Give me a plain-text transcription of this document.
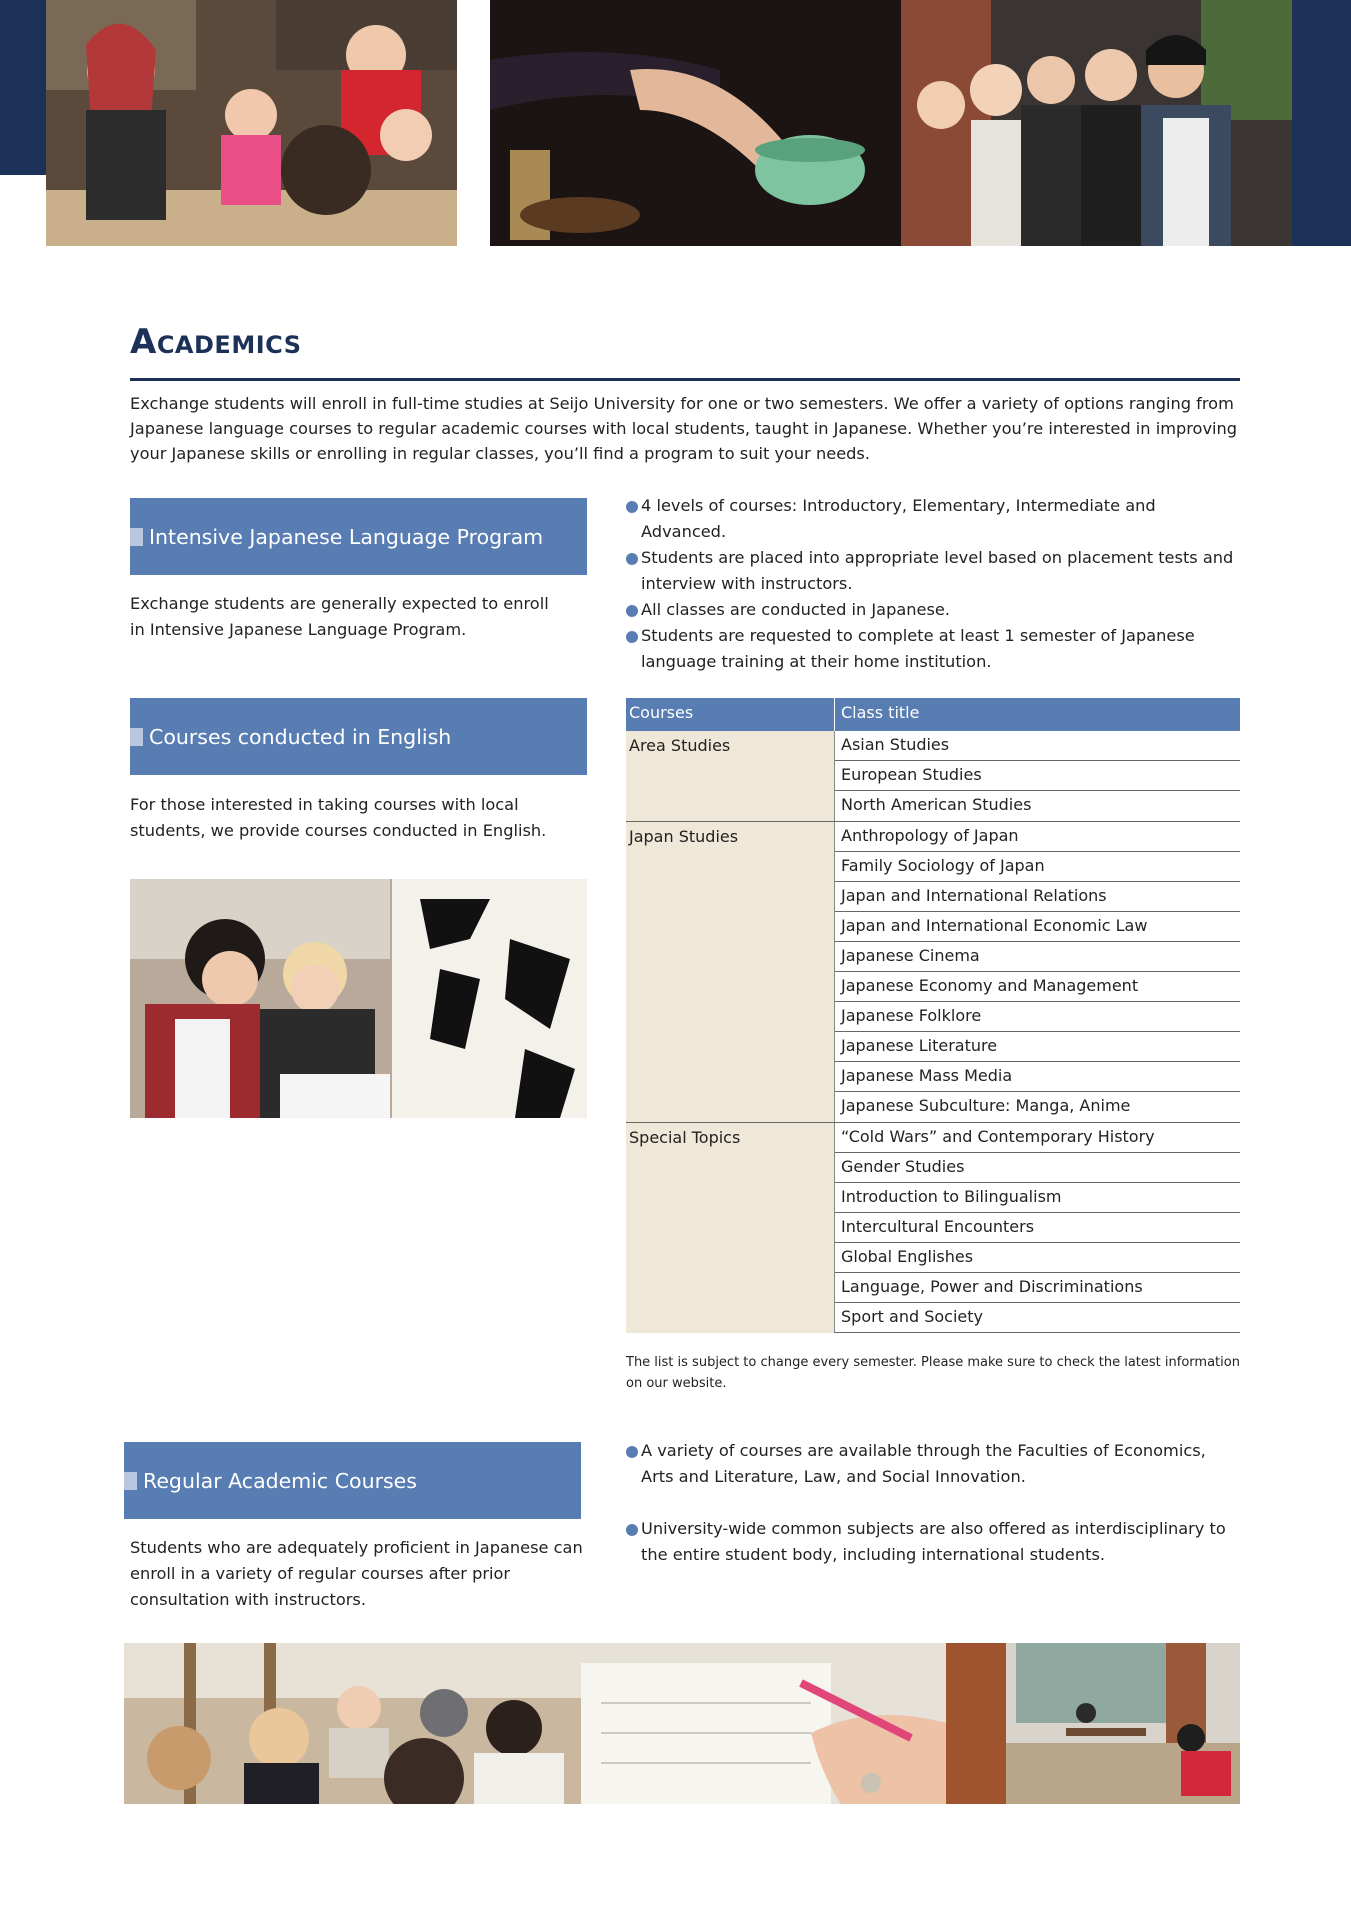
Academics
Exchange students will enroll in full-time studies at Seijo University for one or two semesters. We offer a variety of options ranging from Japanese language courses to regular academic courses with local students, taught in Japanese. Whether you’re interested in improving your Japanese skills or enrolling in regular classes, you’ll find a program to suit your needs.
Intensive Japanese Language Program
Exchange students are generally expected to enroll in Intensive Japanese Language Program.
4 levels of courses: Introductory, Elementary, Intermediate and Advanced.
Students are placed into appropriate level based on placement tests and interview with instructors.
All classes are conducted in Japanese.
Students are requested to complete at least 1 semester of Japanese language training at their home institution.
Courses conducted in English
For those interested in taking courses with local students, we provide courses conducted in English.
Courses	Class title
Area Studies	Asian Studies
European Studies
North American Studies
Japan Studies	Anthropology of Japan
Family Sociology of Japan
Japan and International Relations
Japan and International Economic Law
Japanese Cinema
Japanese Economy and Management
Japanese Folklore
Japanese Literature
Japanese Mass Media
Japanese Subculture: Manga, Anime
Special Topics	“Cold Wars” and Contemporary History
Gender Studies
Introduction to Bilingualism
Intercultural Encounters
Global Englishes
Language, Power and Discriminations
Sport and Society
The list is subject to change every semester. Please make sure to check the latest information on our website.
Regular Academic Courses
Students who are adequately proficient in Japanese can enroll in a variety of regular courses after prior consultation with instructors.
A variety of courses are available through the Faculties of Economics, Arts and Literature, Law, and Social Innovation.
University-wide common subjects are also offered as interdisciplinary to the entire student body, including international students.
